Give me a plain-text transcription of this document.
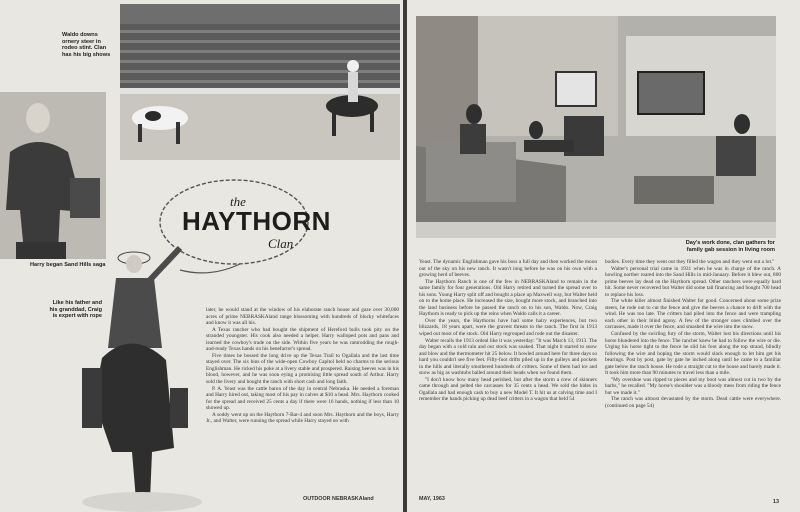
Waldo downs ornery steer in rodeo stint. Clan has his big shows
Harry began Sand Hills saga
the
HAYTHORN
Clan
Like his father and his granddad, Craig is expert with rope

later, he would stand at the window of his elaborate ranch house and gaze over 30,000 acres of prime NEBRASKAland range blossoming with hundreds of blocky whitefaces and know it was all his.

A Texas rancher who had bought the shipment of Hereford bulls took pity on the stranded youngster. His cook also needed a helper. Harry walloped pots and pans and learned the cowboy's trade on the side. Within five years he was ramrodding the rough-and-ready Texas hands on his benefactor's spread.

Five times he bossed the long drive up the Texas Trail to Ogallala and the last time stayed over. The six bins of the wide-open Cowboy Capitol held no charms to the serious Englishman. He ricked his poke at a livery stable and prospered. Raising beeves was in his blood, however, and he was soon eying a promising little spread south of Arthur. Harry sold the livery and bought the ranch with short cash and long faith.

P. A. Yeast was the cattle baron of the day in central Nebraska. He needed a foreman and Harry hired out, taking most of his pay in calves at $10 a head. Mrs. Haythorn cooked for the spread and received 25 cents a day if there were 16 hands, nothing if less than 10 showed up.

A soddy went up on the Haythorn 7-Bar-4 and soon Mrs. Haythorn and the boys, Harry Jr., and Walter, were running the spread while Harry stayed on with

OUTDOOR NEBRASKAland
Day's work done, clan gathers for family gab session in living room

Yeast. The dynamic Englishman gave his boss a full day and then worked the moon out of the sky on his new ranch. It wasn't long before he was on his own with a growing herd of beeves.

The Haythorn Ranch is one of the few in NEBRASKAland to remain in the same family for four generations. Old Harry retired and turned the spread over to his sons. Young Harry split off and bought a place up Maxwell way, but Walter held on to the home place. He increased the size, bought more stock, and branched into the land business before he passed the ranch on to his son, Waldo. Now, Craig Haythorn is ready to pick up the reins when Waldo calls it a career.

Over the years, the Haythorns have had some hairy experiences, but two blizzards, 18 years apart, were the gravest threats to the ranch. The first in 1913 wiped out most of the stock. Old Harry regrouped and rode out the disaster.

Walter recalls the 1913 ordeal like it was yesterday: "It was March 13, 1913. The day began with a cold rain and our stock was soaked. That night it started to snow and blow and the thermometer hit 25 below. It howled around here for three days so hard you couldn't see five feet. Fifty-foot drifts piled up in the gulleys and pockets in the hills and literally smothered hundreds of critters. Some of them had ice and snow as big as washtubs balled around their heads when we found them.

"I don't know how many head perished, but after the storm a crew of skinners came through and pelted the carcasses for 35 cents a head. We sold the hides in Ogallala and had enough cash to buy a new Model T. It hit us at calving time and I remember the hands picking up dead beef critters in a wagon that held 54

bodies. Every time they went out they filled the wagon and they went out a lot."

Walter's personal trial came in 1931 when he was in charge of the ranch. A howling norther roared into the Sand Hills in mid-January. Before it blew out, 800 prime beeves lay dead on the Haythorn spread. Other ranchers were equally hard hit. Some never recovered but Walter did some tall financing and bought 700 head to replace his loss.

The white killer almost finished Walter for good. Concerned about some prize steers, he rode out to cut the fence and give the beeves a chance to drift with the wind. He was too late. The critters had piled into the fence and were trampling each other in their blind agony. A few of the stronger ones climbed over the carcasses, made it over the fence, and smashed the wire into the snow.

Confused by the swirling fury of the storm, Walter lost his directions until his horse blundered into the fence. The rancher knew he had to follow the wire or die. Urging his horse tight to the fence he slid his foot along the top strand, blindly following the wire and hoping the storm would slack enough to let him get his bearings. Post by post, gate by gate he inched along until he came to a familiar gate below the ranch house. He rode a straight cut to the house and barely made it. It took him more than 90 minutes to travel less than a mile.

"My overshoe was ripped to pieces and my boot was almost cut in two by the barbs," he recalled. "My horse's shoulder was a bloody mess from riding the fence but we made it."

The ranch was almost devastated by the storm. Dead cattle were everywhere. (continued on page 54)

MAY, 1963	13
